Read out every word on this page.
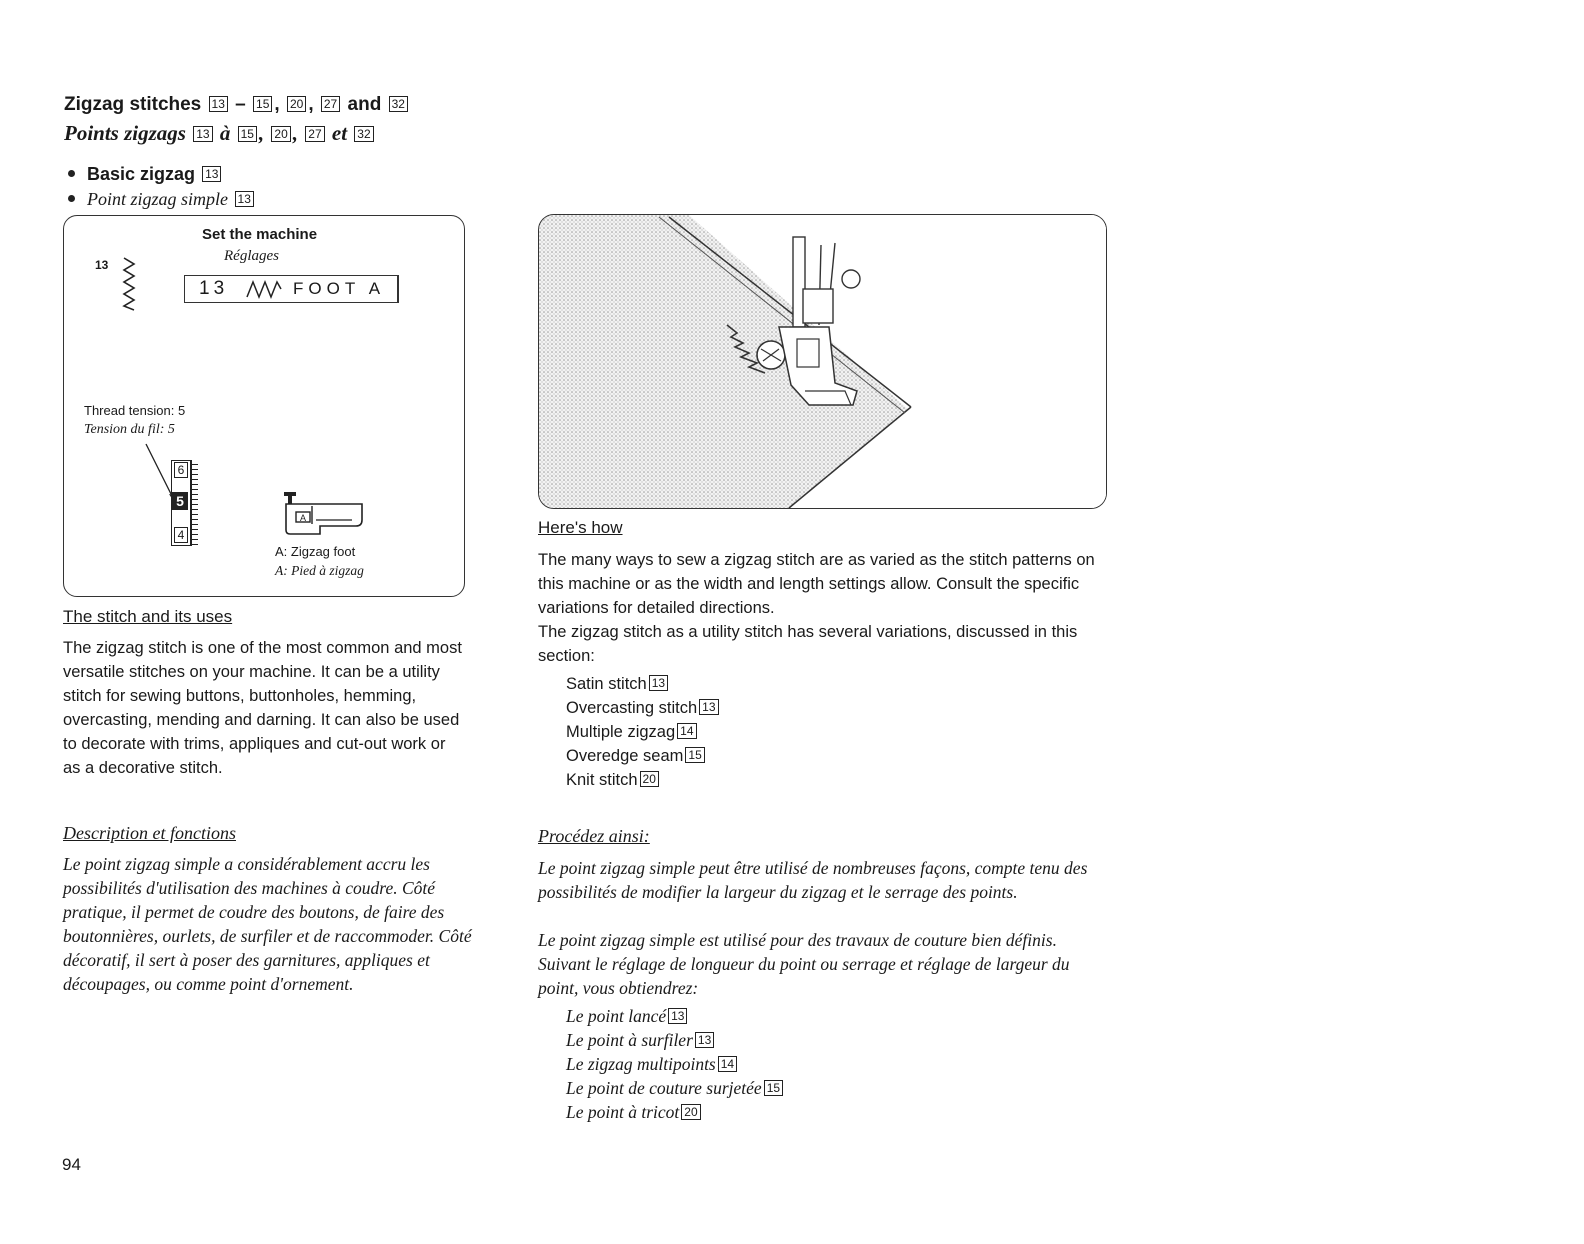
Zigzag stitches 13 – 15 , 20 , 27 and 32
Points zigzags 13 à 15 , 20 , 27 et 32
Basic zigzag 13
Point zigzag simple 13
Set the machine
Réglages
13
13	FOOT A
Thread tension: 5
Tension du fil: 5
6
5
4
A
A: Zigzag foot
A: Pied à zigzag
The stitch and its uses
The zigzag stitch is one of the most common and most versatile stitches on your machine. It can be a utility stitch for sewing buttons, buttonholes, hemming, overcasting, mending and darning. It can also be used to decorate with trims, appliques and cut-out work or as a decorative stitch.
Description et fonctions
Le point zigzag simple a considérablement accru les possibilités d'utilisation des machines à coudre. Côté pratique, il permet de coudre des boutons, de faire des boutonnières, ourlets, de surfiler et de raccommoder. Côté décoratif, il sert à poser des garnitures, appliques et découpages, ou comme point d'ornement.
Here's how
The many ways to sew a zigzag stitch are as varied as the stitch patterns on this machine or as the width and length settings allow. Consult the specific variations for detailed directions.
The zigzag stitch as a utility stitch has several variations, discussed in this section:
Satin stitch 13
Overcasting stitch 13
Multiple zigzag 14
Overedge seam 15
Knit stitch 20
Procédez ainsi:
Le point zigzag simple peut être utilisé de nombreuses façons, compte tenu des possibilités de modifier la largeur du zigzag et le serrage des points.
Le point zigzag simple est utilisé pour des travaux de couture bien définis. Suivant le réglage de longueur du point ou serrage et réglage de largeur du point, vous obtiendrez:
Le point lancé 13
Le point à surfiler 13
Le zigzag multipoints 14
Le point de couture surjetée 15
Le point à tricot 20
94
